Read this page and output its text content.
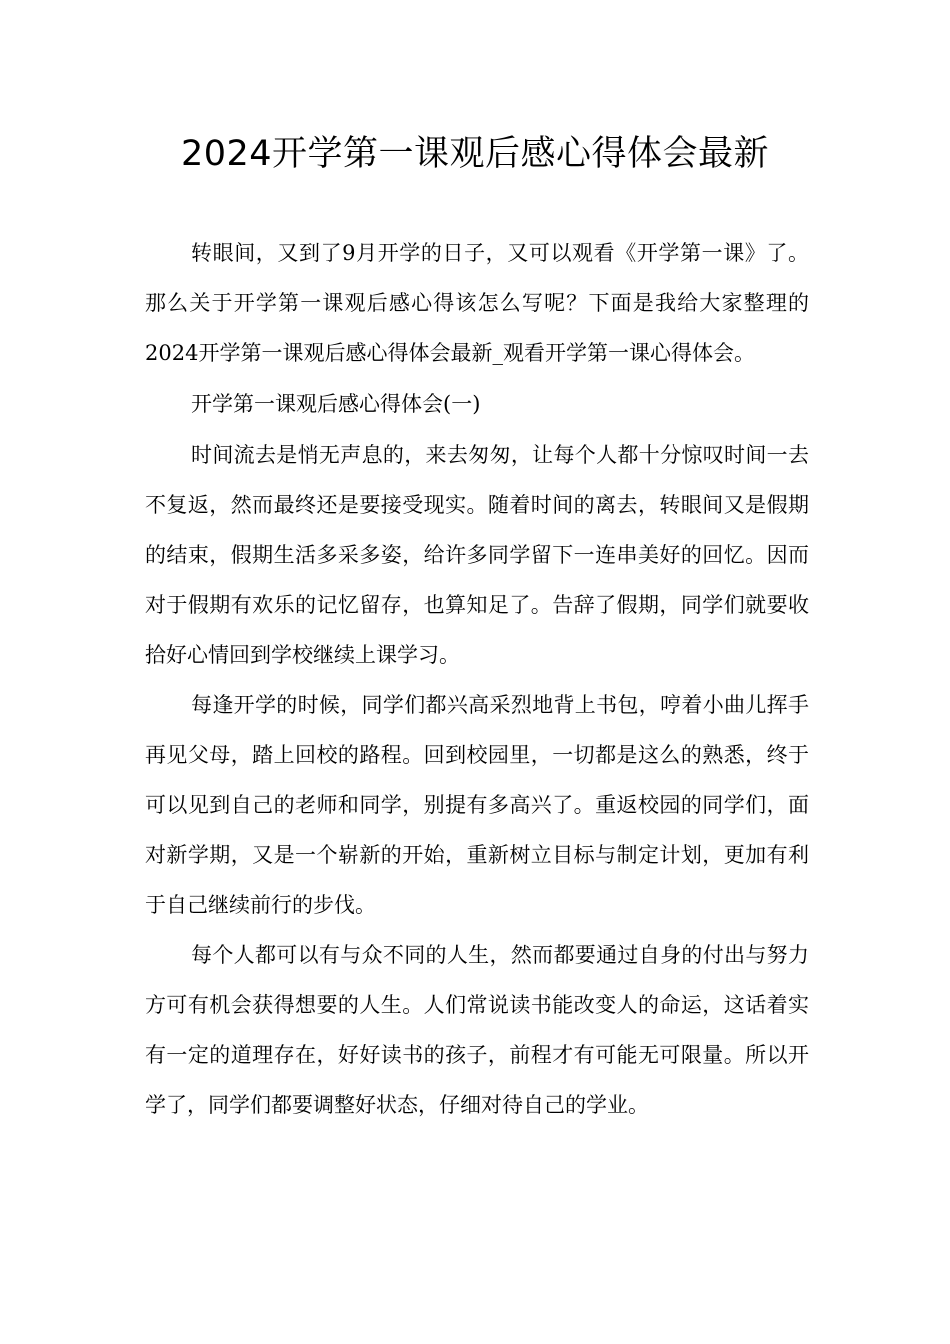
2024开学第一课观后感心得体会最新

转眼间，又到了9月开学的日子，又可以观看《开学第一课》了。那么关于开学第一课观后感心得该怎么写呢？下面是我给大家整理的2024开学第一课观后感心得体会最新_观看开学第一课心得体会。

开学第一课观后感心得体会(一)

时间流去是悄无声息的，来去匆匆，让每个人都十分惊叹时间一去不复返，然而最终还是要接受现实。随着时间的离去，转眼间又是假期的结束，假期生活多采多姿，给许多同学留下一连串美好的回忆。因而对于假期有欢乐的记忆留存，也算知足了。告辞了假期，同学们就要收拾好心情回到学校继续上课学习。

每逢开学的时候，同学们都兴高采烈地背上书包，哼着小曲儿挥手再见父母，踏上回校的路程。回到校园里，一切都是这么的熟悉，终于可以见到自己的老师和同学，别提有多高兴了。重返校园的同学们，面对新学期，又是一个崭新的开始，重新树立目标与制定计划，更加有利于自己继续前行的步伐。

每个人都可以有与众不同的人生，然而都要通过自身的付出与努力方可有机会获得想要的人生。人们常说读书能改变人的命运，这话着实有一定的道理存在，好好读书的孩子，前程才有可能无可限量。所以开学了，同学们都要调整好状态，仔细对待自己的学业。
